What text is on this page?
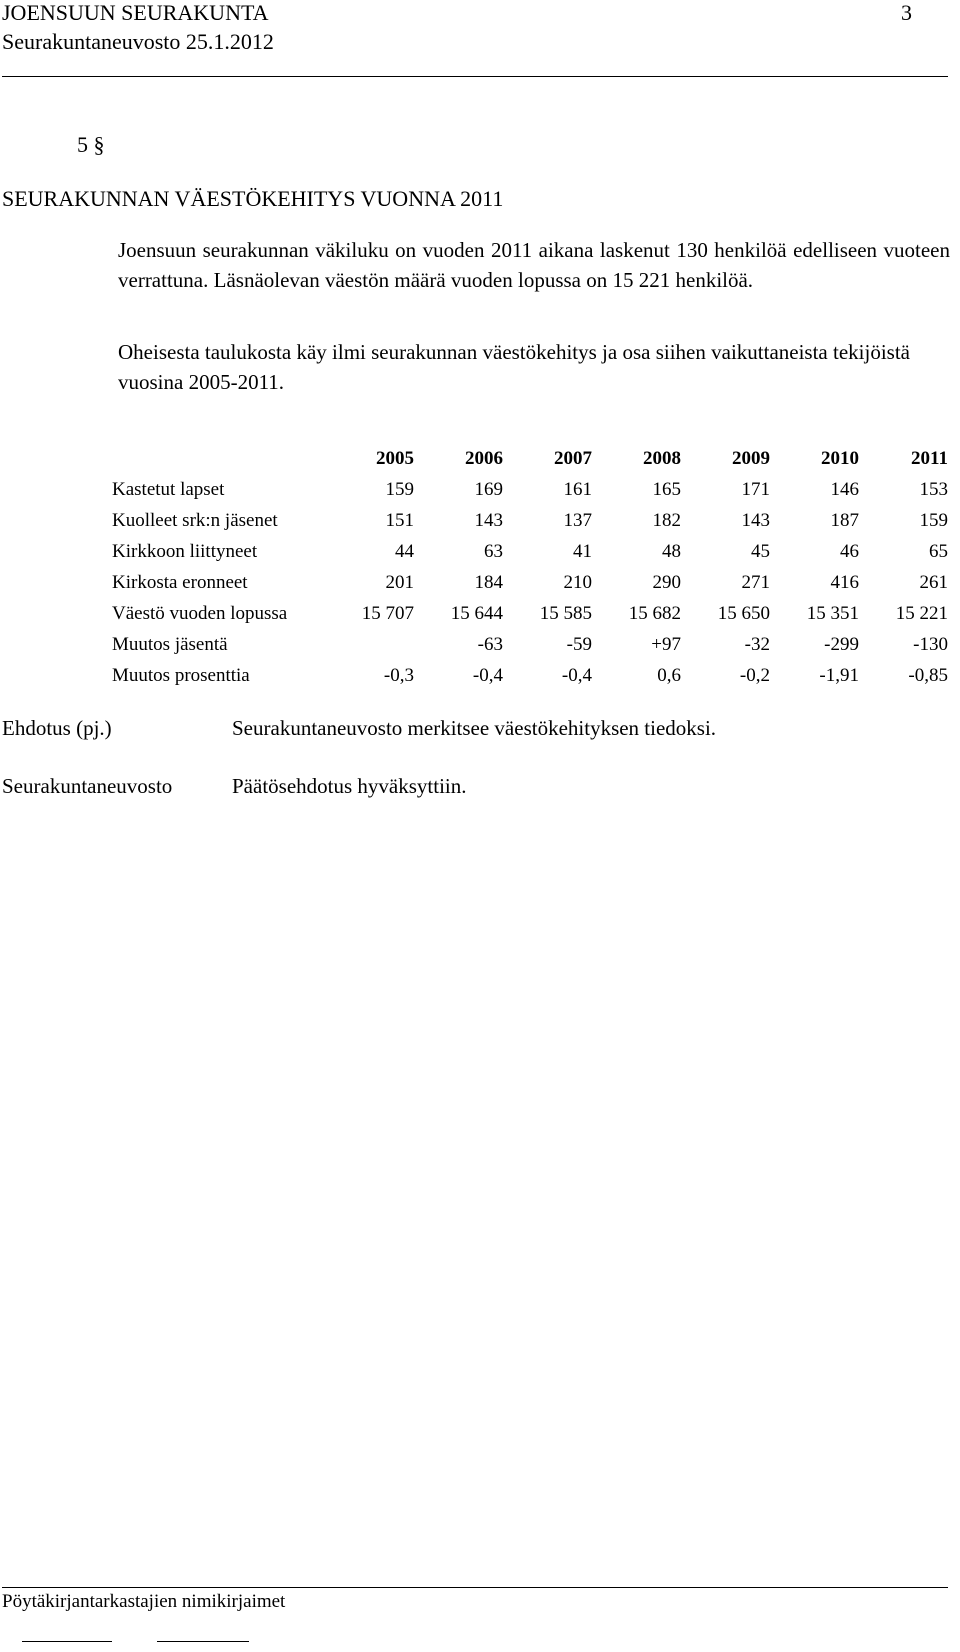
JOENSUUN SEURAKUNTA	3
Seurakuntaneuvosto 25.1.2012
5 §
SEURAKUNNAN VÄESTÖKEHITYS VUONNA 2011
Joensuun seurakunnan väkiluku on vuoden 2011 aikana laskenut 130 henkilöä edelliseen vuoteen verrattuna. Läsnäolevan väestön määrä vuoden lopussa on 15 221 henkilöä.
Oheisesta taulukosta käy ilmi seurakunnan väestökehitys ja osa siihen vaikuttaneista tekijöistä vuosina 2005-2011.
	2005	2006	2007	2008	2009	2010	2011
Kastetut lapset	159	169	161	165	171	146	153
Kuolleet srk:n jäsenet	151	143	137	182	143	187	159
Kirkkoon liittyneet	44	63	41	48	45	46	65
Kirkosta eronneet	201	184	210	290	271	416	261
Väestö vuoden lopussa	15 707	15 644	15 585	15 682	15 650	15 351	15 221
Muutos jäsentä		-63	-59	+97	-32	-299	-130
Muutos prosenttia	-0,3	-0,4	-0,4	0,6	-0,2	-1,91	-0,85
Ehdotus (pj.)	Seurakuntaneuvosto merkitsee väestökehityksen tiedoksi.
Seurakuntaneuvosto	Päätösehdotus hyväksyttiin.
Pöytäkirjantarkastajien nimikirjaimet
